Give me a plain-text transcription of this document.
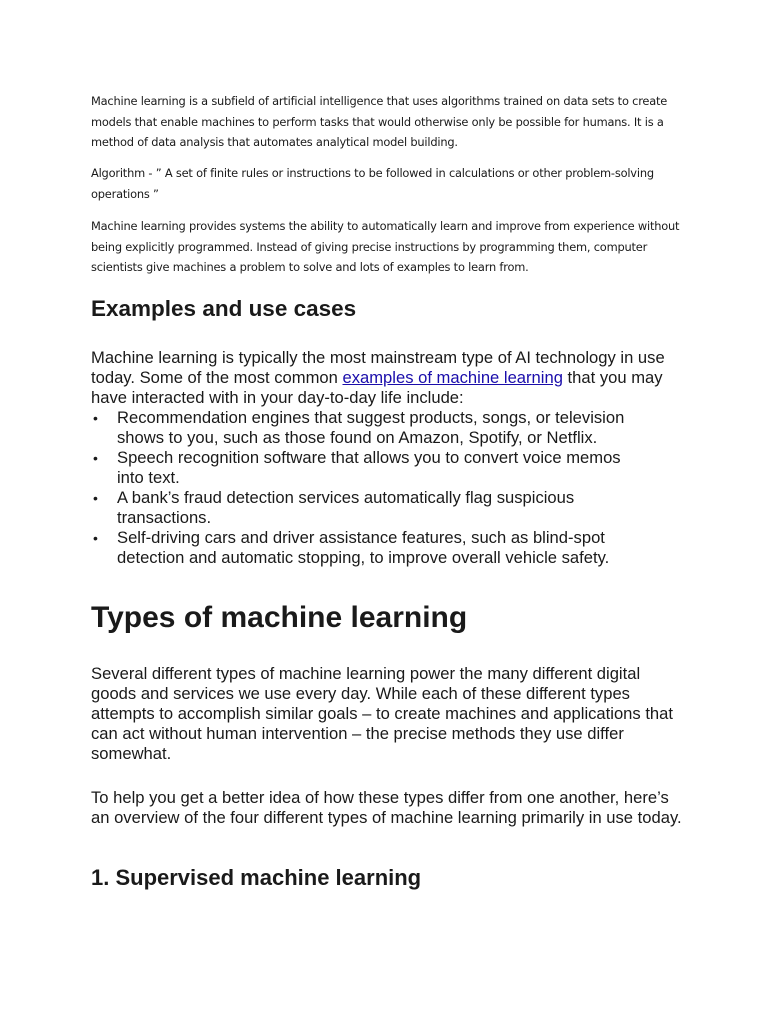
Machine learning is a subfield of artificial intelligence that uses algorithms trained on data sets to create models that enable machines to perform tasks that would otherwise only be possible for humans. It is a method of data analysis that automates analytical model building.

Algorithm - ” A set of finite rules or instructions to be followed in calculations or other problem-solving operations ”

Machine learning provides systems the ability to automatically learn and improve from experience without being explicitly programmed. Instead of giving precise instructions by programming them, computer scientists give machines a problem to solve and lots of examples to learn from.

Examples and use cases

Machine learning is typically the most mainstream type of AI technology in use today. Some of the most common examples of machine learning that you may have interacted with in your day-to-day life include:

• Recommendation engines that suggest products, songs, or television shows to you, such as those found on Amazon, Spotify, or Netflix.
• Speech recognition software that allows you to convert voice memos into text.
• A bank’s fraud detection services automatically flag suspicious transactions.
• Self-driving cars and driver assistance features, such as blind-spot detection and automatic stopping, to improve overall vehicle safety.
Types of machine learning

Several different types of machine learning power the many different digital goods and services we use every day. While each of these different types attempts to accomplish similar goals – to create machines and applications that can act without human intervention – the precise methods they use differ somewhat.

To help you get a better idea of how these types differ from one another, here’s an overview of the four different types of machine learning primarily in use today.

1. Supervised machine learning
